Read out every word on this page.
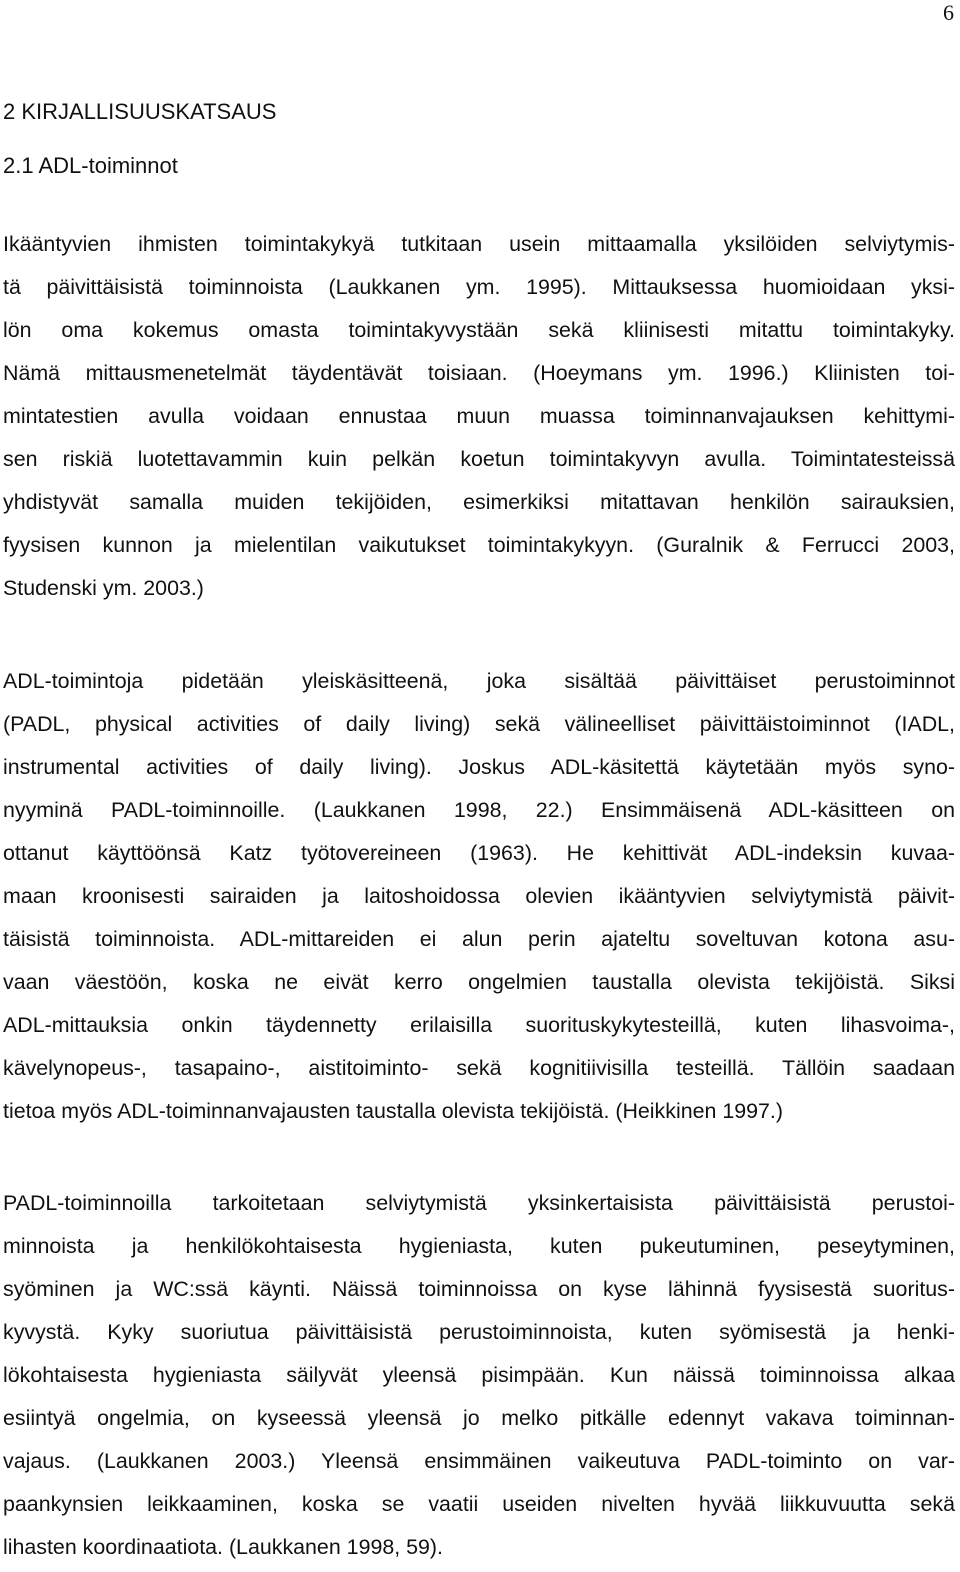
6
2 KIRJALLISUUSKATSAUS
2.1 ADL-toiminnot
Ikääntyvien ihmisten toimintakykyä tutkitaan usein mittaamalla yksilöiden selviytymis-
tä päivittäisistä toiminnoista (Laukkanen ym. 1995). Mittauksessa huomioidaan yksi-
lön oma kokemus omasta toimintakyvystään sekä kliinisesti mitattu toimintakyky.
Nämä mittausmenetelmät täydentävät toisiaan. (Hoeymans ym. 1996.) Kliinisten toi-
mintatestien avulla voidaan ennustaa muun muassa toiminnanvajauksen kehittymi-
sen riskiä luotettavammin kuin pelkän koetun toimintakyvyn avulla. Toimintatesteissä
yhdistyvät samalla muiden tekijöiden, esimerkiksi mitattavan henkilön sairauksien,
fyysisen kunnon ja mielentilan vaikutukset toimintakykyyn. (Guralnik & Ferrucci 2003,
Studenski ym. 2003.)
ADL-toimintoja pidetään yleiskäsitteenä, joka sisältää päivittäiset perustoiminnot
(PADL, physical activities of daily living) sekä välineelliset päivittäistoiminnot (IADL,
instrumental activities of daily living). Joskus ADL-käsitettä käytetään myös syno-
nyyminä PADL-toiminnoille. (Laukkanen 1998, 22.) Ensimmäisenä ADL-käsitteen on
ottanut käyttöönsä Katz työtovereineen (1963). He kehittivät ADL-indeksin kuvaa-
maan kroonisesti sairaiden ja laitoshoidossa olevien ikääntyvien selviytymistä päivit-
täisistä toiminnoista. ADL-mittareiden ei alun perin ajateltu soveltuvan kotona asu-
vaan väestöön, koska ne eivät kerro ongelmien taustalla olevista tekijöistä. Siksi
ADL-mittauksia onkin täydennetty erilaisilla suorituskykytesteillä, kuten lihasvoima-,
kävelynopeus-, tasapaino-, aistitoiminto- sekä kognitiivisilla testeillä. Tällöin saadaan
tietoa myös ADL-toiminnanvajausten taustalla olevista tekijöistä. (Heikkinen 1997.)
PADL-toiminnoilla tarkoitetaan selviytymistä yksinkertaisista päivittäisistä perustoi-
minnoista ja henkilökohtaisesta hygieniasta, kuten pukeutuminen, peseytyminen,
syöminen ja WC:ssä käynti. Näissä toiminnoissa on kyse lähinnä fyysisestä suoritus-
kyvystä. Kyky suoriutua päivittäisistä perustoiminnoista, kuten syömisestä ja henki-
lökohtaisesta hygieniasta säilyvät yleensä pisimpään. Kun näissä toiminnoissa alkaa
esiintyä ongelmia, on kyseessä yleensä jo melko pitkälle edennyt vakava toiminnan-
vajaus. (Laukkanen 2003.) Yleensä ensimmäinen vaikeutuva PADL-toiminto on var-
paankynsien leikkaaminen, koska se vaatii useiden nivelten hyvää liikkuvuutta sekä
lihasten koordinaatiota. (Laukkanen 1998, 59).
